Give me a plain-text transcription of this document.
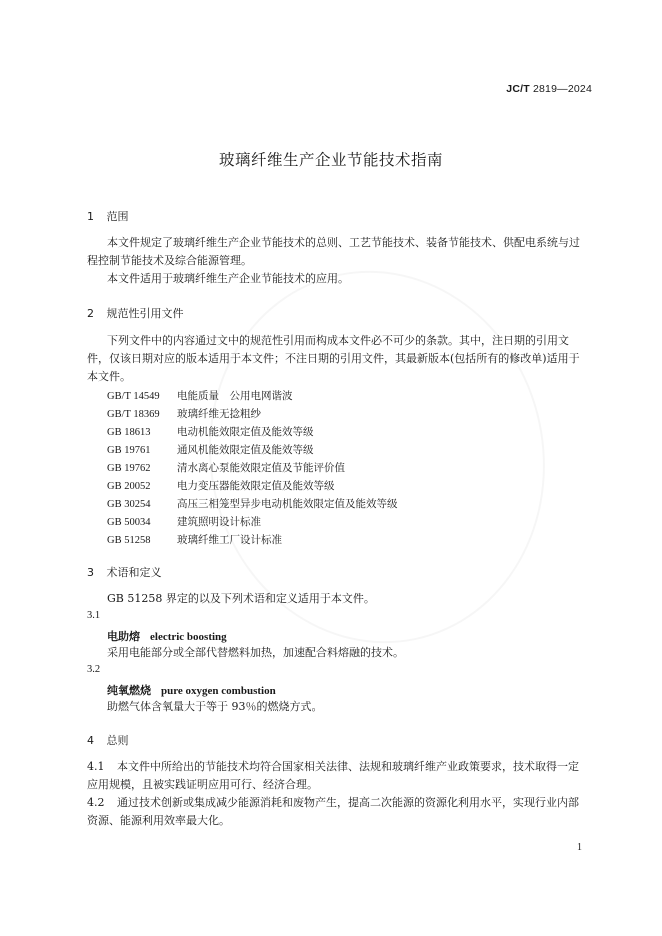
JC/T 2819—2024
玻璃纤维生产企业节能技术指南
1 范围
本文件规定了玻璃纤维生产企业节能技术的总则、工艺节能技术、装备节能技术、供配电系统与过
程控制节能技术及综合能源管理。
本文件适用于玻璃纤维生产企业节能技术的应用。
2 规范性引用文件
下列文件中的内容通过文中的规范性引用而构成本文件必不可少的条款。其中，注日期的引用文
件，仅该日期对应的版本适用于本文件；不注日期的引用文件，其最新版本(包括所有的修改单)适用于
本文件。
GB/T 14549 电能质量　公用电网谐波
GB/T 18369 玻璃纤维无捻粗纱
GB 18613	电动机能效限定值及能效等级
GB 19761	通风机能效限定值及能效等级
GB 19762	清水离心泵能效限定值及节能评价值
GB 20052	电力变压器能效限定值及能效等级
GB 30254	高压三相笼型异步电动机能效限定值及能效等级
GB 50034	建筑照明设计标准
GB 51258	玻璃纤维工厂设计标准
3 术语和定义
GB 51258 界定的以及下列术语和定义适用于本文件。
3.1
电助熔 electric boosting
采用电能部分或全部代替燃料加热，加速配合料熔融的技术。
3.2
纯氧燃烧 pure oxygen combustion
助燃气体含氧量大于等于 93％的燃烧方式。
4 总则
4.1 本文件中所给出的节能技术均符合国家相关法律、法规和玻璃纤维产业政策要求，技术取得一定
应用规模，且被实践证明应用可行、经济合理。
4.2 通过技术创新或集成减少能源消耗和废物产生，提高二次能源的资源化利用水平，实现行业内部
资源、能源利用效率最大化。
1
